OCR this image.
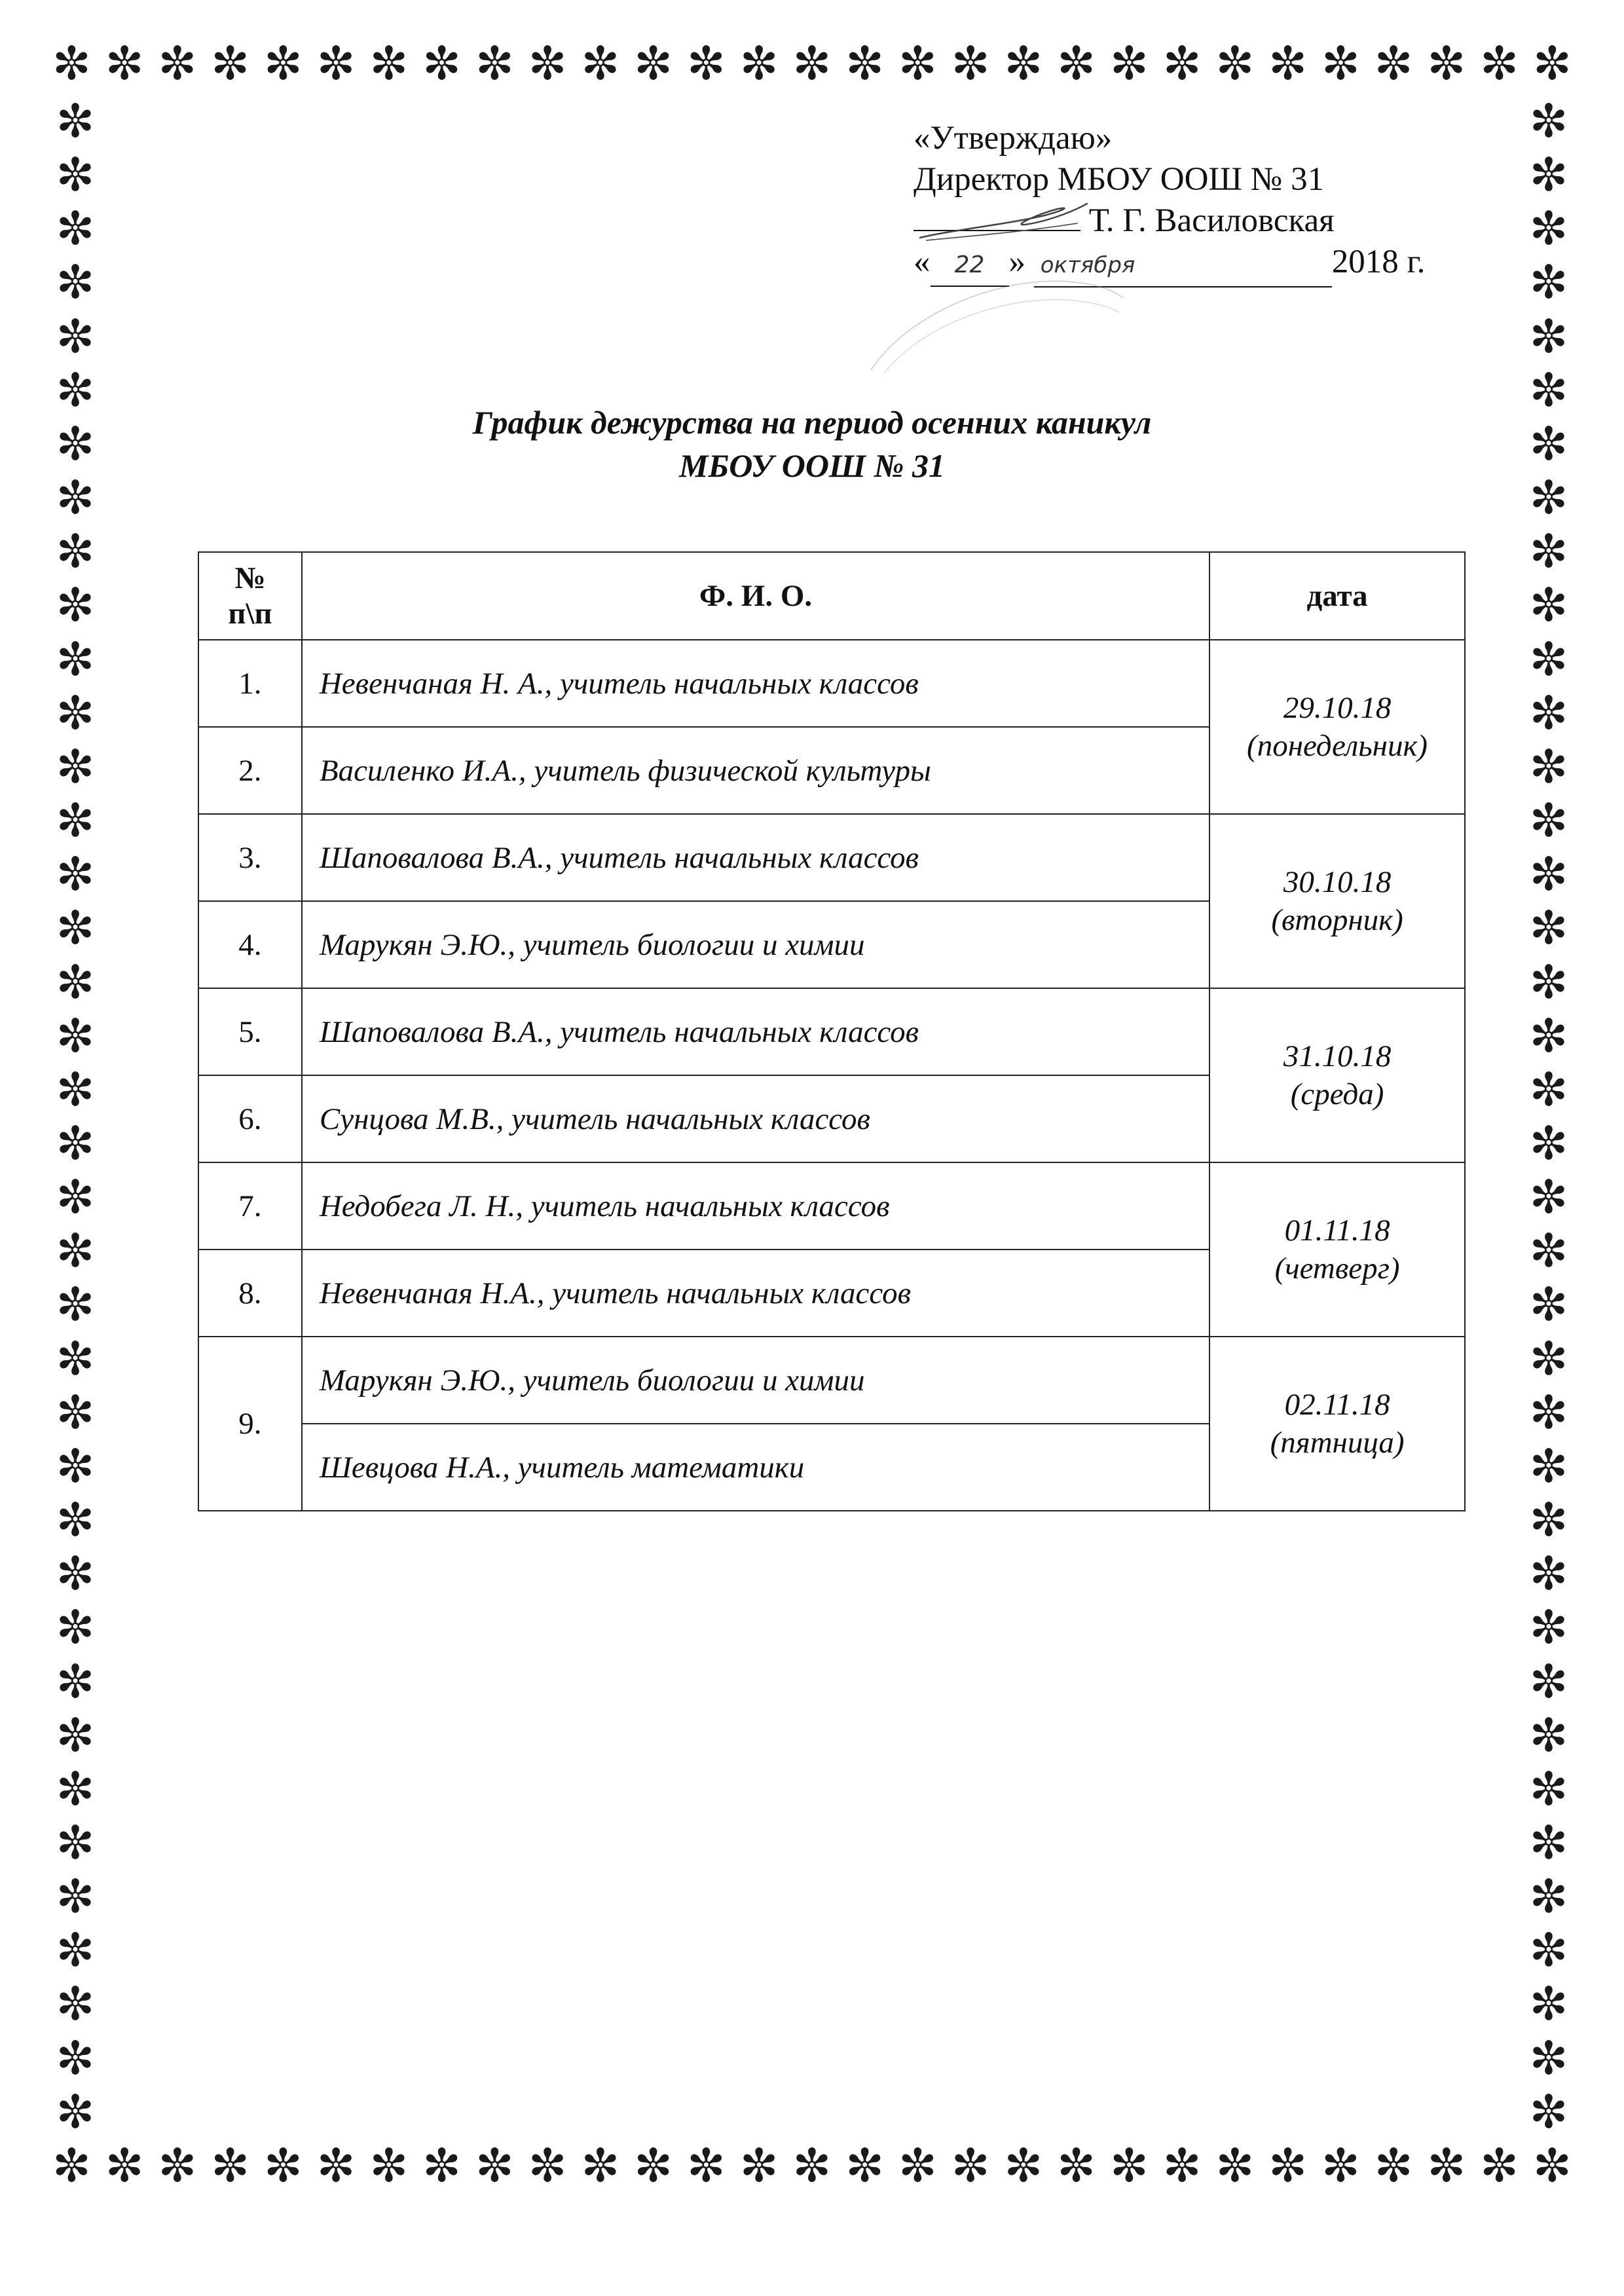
✼ ✼ ✼ ✼ ✼ ✼ ✼ ✼ ✼ ✼ ✼ ✼ ✼ ✼ ✼ ✼ ✼ ✼ ✼ ✼ ✼ ✼ ✼ ✼ ✼ ✼ ✼ ✼ ✼
✼ ✼ ✼ ✼ ✼ ✼ ✼ ✼ ✼ ✼ ✼ ✼ ✼ ✼ ✼ ✼ ✼ ✼ ✼ ✼ ✼ ✼ ✼ ✼ ✼ ✼ ✼ ✼ ✼
✼
✼
✼
✼
✼
✼
✼
✼
✼
✼
✼
✼
✼
✼
✼
✼
✼
✼
✼
✼
✼
✼
✼
✼
✼
✼
✼
✼
✼
✼
✼
✼
✼
✼
✼
✼
✼
✼
✼
✼
✼
✼
✼
✼
✼
✼
✼
✼
✼
✼
✼
✼
✼
✼
✼
✼
✼
✼
✼
✼
✼
✼
✼
✼
✼
✼
✼
✼
✼
✼
✼
✼
✼
✼
✼
✼
«Утверждаю»
Директор МБОУ ООШ № 31
Т. Г. Василовская
« 22 » октября	2018 г.
График дежурства на период осенних каникул
МБОУ ООШ № 31
№
п\п	Ф. И. О.	дата
1.	Невенчаная Н. А., учитель начальных классов	29.10.18
(понедельник)

2.	Василенко И.А., учитель физической культуры	
3.	Шаповалова В.А., учитель начальных классов	30.10.18
(вторник)

4.	Марукян Э.Ю., учитель биологии и химии	
5.	Шаповалова В.А., учитель начальных классов	31.10.18
(среда)

6.	Сунцова М.В., учитель начальных классов	
7.	Недобега Л. Н., учитель начальных классов	01.11.18
(четверг)

8.	Невенчаная Н.А., учитель начальных классов	
9.	Марукян Э.Ю., учитель биологии и химии	02.11.18
(пятница)

	Шевцова Н.А., учитель математики	
